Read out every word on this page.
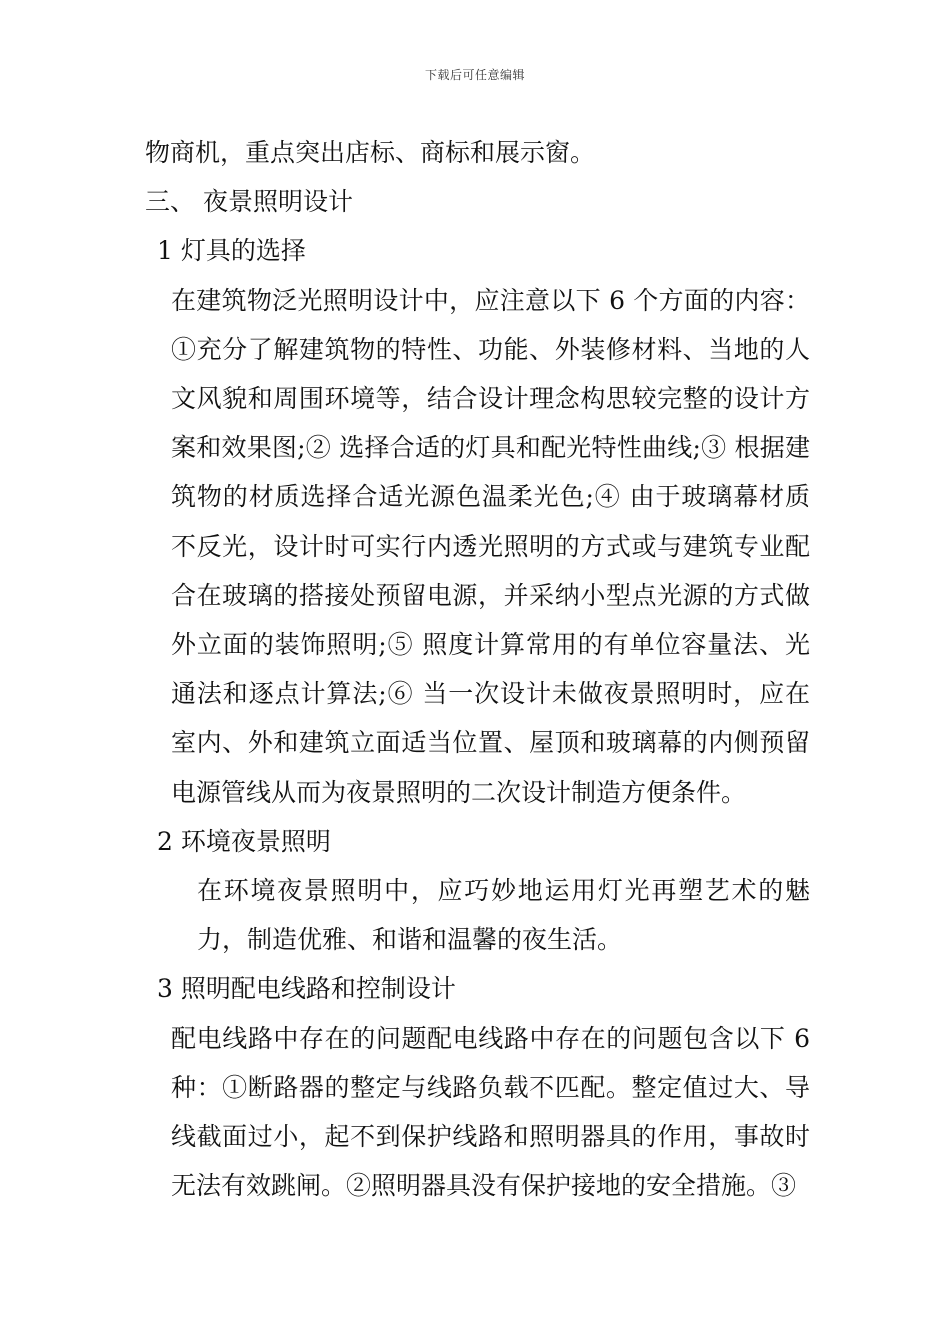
下载后可任意编辑

物商机，重点突出店标、商标和展示窗。

三、 夜景照明设计

1 灯具的选择

在建筑物泛光照明设计中，应注意以下 6 个方面的内容：①充分了解建筑物的特性、功能、外装修材料、当地的人文风貌和周围环境等，结合设计理念构思较完整的设计方案和效果图;② 选择合适的灯具和配光特性曲线;③ 根据建筑物的材质选择合适光源色温柔光色;④ 由于玻璃幕材质不反光，设计时可实行内透光照明的方式或与建筑专业配合在玻璃的搭接处预留电源，并采纳小型点光源的方式做外立面的装饰照明;⑤ 照度计算常用的有单位容量法、光通法和逐点计算法;⑥ 当一次设计未做夜景照明时，应在室内、外和建筑立面适当位置、屋顶和玻璃幕的内侧预留电源管线从而为夜景照明的二次设计制造方便条件。

2 环境夜景照明

在环境夜景照明中，应巧妙地运用灯光再塑艺术的魅力，制造优雅、和谐和温馨的夜生活。

3 照明配电线路和控制设计

配电线路中存在的问题配电线路中存在的问题包含以下 6 种：①断路器的整定与线路负载不匹配。整定值过大、导线截面过小，起不到保护线路和照明器具的作用，事故时无法有效跳闸。②照明器具没有保护接地的安全措施。③
